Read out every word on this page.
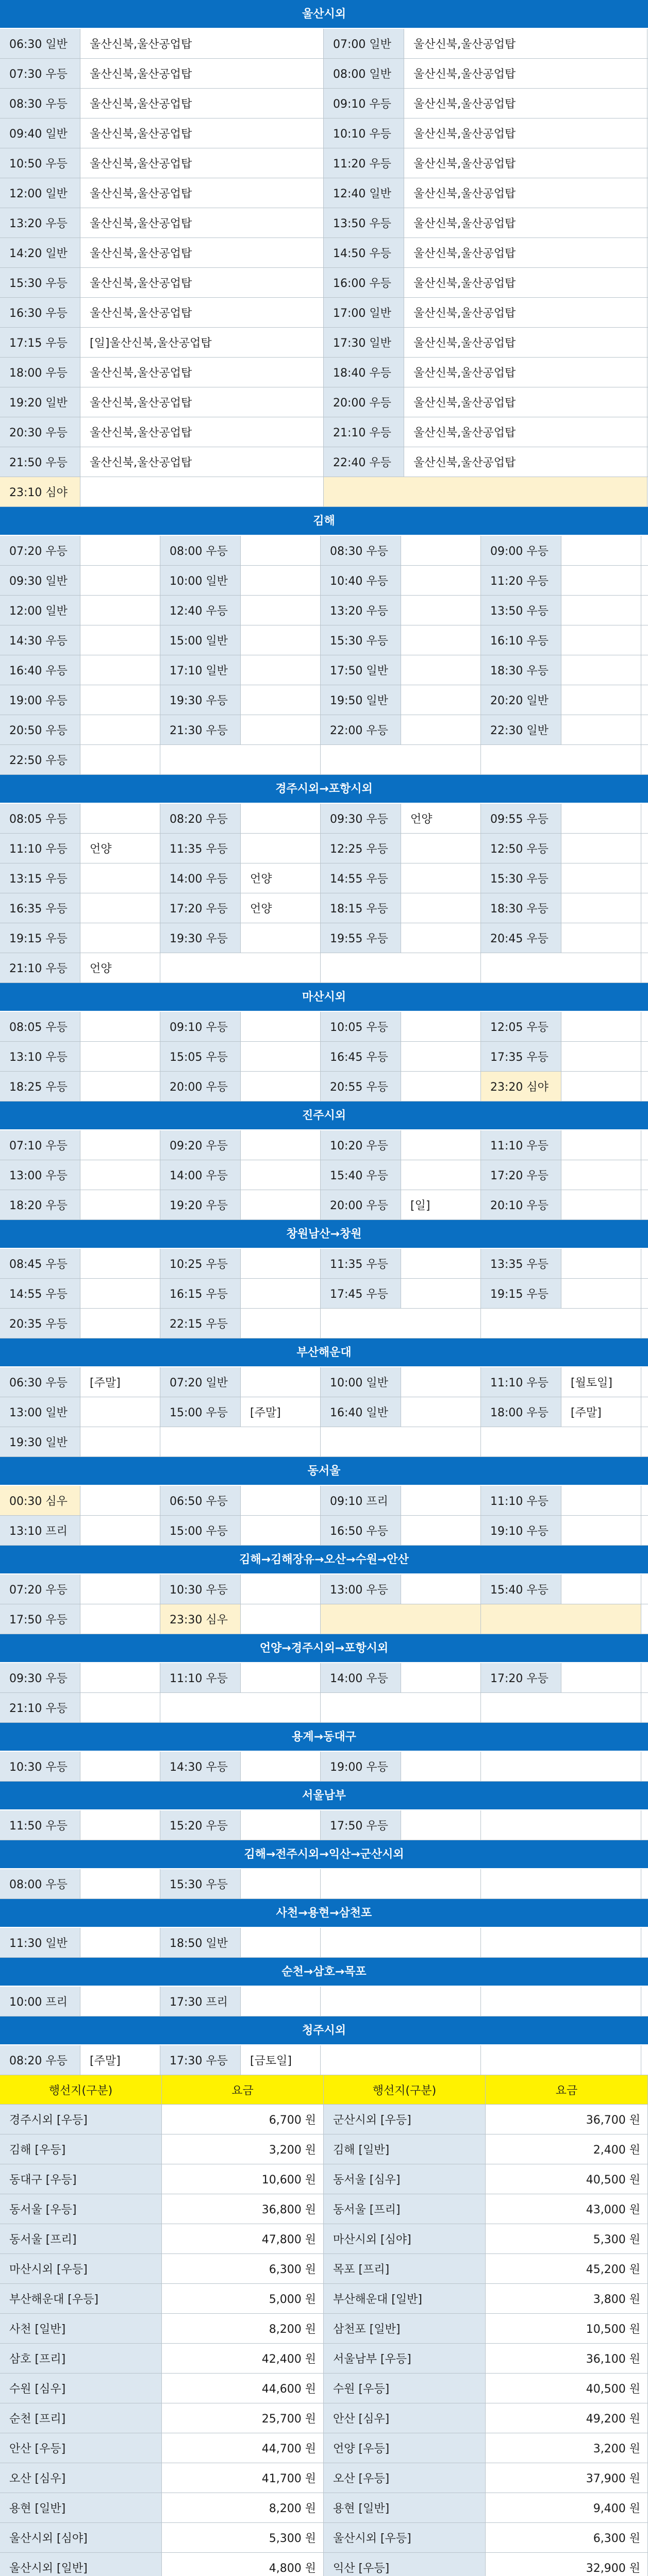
울산시외
06:30 일반	울산신북,울산공업탑	07:00 일반	울산신북,울산공업탑
07:30 우등	울산신북,울산공업탑	08:00 일반	울산신북,울산공업탑
08:30 우등	울산신북,울산공업탑	09:10 우등	울산신북,울산공업탑
09:40 일반	울산신북,울산공업탑	10:10 우등	울산신북,울산공업탑
10:50 우등	울산신북,울산공업탑	11:20 우등	울산신북,울산공업탑
12:00 일반	울산신북,울산공업탑	12:40 일반	울산신북,울산공업탑
13:20 우등	울산신북,울산공업탑	13:50 우등	울산신북,울산공업탑
14:20 일반	울산신북,울산공업탑	14:50 우등	울산신북,울산공업탑
15:30 우등	울산신북,울산공업탑	16:00 우등	울산신북,울산공업탑
16:30 우등	울산신북,울산공업탑	17:00 일반	울산신북,울산공업탑
17:15 우등	[일]울산신북,울산공업탑	17:30 일반	울산신북,울산공업탑
18:00 우등	울산신북,울산공업탑	18:40 우등	울산신북,울산공업탑
19:20 일반	울산신북,울산공업탑	20:00 우등	울산신북,울산공업탑
20:30 우등	울산신북,울산공업탑	21:10 우등	울산신북,울산공업탑
21:50 우등	울산신북,울산공업탑	22:40 우등	울산신북,울산공업탑
23:10 심야
김해
07:20 우등	08:00 우등	08:30 우등	09:00 우등
09:30 일반	10:00 일반	10:40 우등	11:20 우등
12:00 일반	12:40 우등	13:20 우등	13:50 우등
14:30 우등	15:00 일반	15:30 우등	16:10 우등
16:40 우등	17:10 일반	17:50 일반	18:30 우등
19:00 우등	19:30 우등	19:50 일반	20:20 일반
20:50 우등	21:30 우등	22:00 우등	22:30 일반
22:50 우등
경주시외→포항시외
08:05 우등	08:20 우등	09:30 우등	언양	09:55 우등
11:10 우등	언양	11:35 우등	12:25 우등	12:50 우등
13:15 우등	14:00 우등	언양	14:55 우등	15:30 우등
16:35 우등	17:20 우등	언양	18:15 우등	18:30 우등
19:15 우등	19:30 우등	19:55 우등	20:45 우등
21:10 우등	언양
마산시외
08:05 우등	09:10 우등	10:05 우등	12:05 우등
13:10 우등	15:05 우등	16:45 우등	17:35 우등
18:25 우등	20:00 우등	20:55 우등	23:20 심야
진주시외
07:10 우등	09:20 우등	10:20 우등	11:10 우등
13:00 우등	14:00 우등	15:40 우등	17:20 우등
18:20 우등	19:20 우등	20:00 우등	[일]	20:10 우등
창원남산→창원
08:45 우등	10:25 우등	11:35 우등	13:35 우등
14:55 우등	16:15 우등	17:45 우등	19:15 우등
20:35 우등	22:15 우등
부산해운대
06:30 우등	[주말]	07:20 일반	10:00 일반	11:10 우등	[월토일]
13:00 일반	15:00 우등	[주말]	16:40 일반	18:00 우등	[주말]
19:30 일반
동서울
00:30 심우	06:50 우등	09:10 프리	11:10 우등
13:10 프리	15:00 우등	16:50 우등	19:10 우등
김해→김해장유→오산→수원→안산
07:20 우등	10:30 우등	13:00 우등	15:40 우등
17:50 우등	23:30 심우
언양→경주시외→포항시외
09:30 우등	11:10 우등	14:00 우등	17:20 우등
21:10 우등
용계→동대구
10:30 우등	14:30 우등	19:00 우등
서울남부
11:50 우등	15:20 우등	17:50 우등
김해→전주시외→익산→군산시외
08:00 우등	15:30 우등
사천→용현→삼천포
11:30 일반	18:50 일반
순천→삼호→목포
10:00 프리	17:30 프리
청주시외
08:20 우등	[주말]	17:30 우등	[금토일]
행선지(구분)	요금	행선지(구분)	요금
경주시외 [우등]	6,700 원	군산시외 [우등]	36,700 원
김해 [우등]	3,200 원	김해 [일반]	2,400 원
동대구 [우등]	10,600 원	동서울 [심우]	40,500 원
동서울 [우등]	36,800 원	동서울 [프리]	43,000 원
동서울 [프리]	47,800 원	마산시외 [심야]	5,300 원
마산시외 [우등]	6,300 원	목포 [프리]	45,200 원
부산해운대 [우등]	5,000 원	부산해운대 [일반]	3,800 원
사천 [일반]	8,200 원	삼천포 [일반]	10,500 원
삼호 [프리]	42,400 원	서울남부 [우등]	36,100 원
수원 [심우]	44,600 원	수원 [우등]	40,500 원
순천 [프리]	25,700 원	안산 [심우]	49,200 원
안산 [우등]	44,700 원	언양 [우등]	3,200 원
오산 [심우]	41,700 원	오산 [우등]	37,900 원
용현 [일반]	8,200 원	용현 [일반]	9,400 원
울산시외 [심야]	5,300 원	울산시외 [우등]	6,300 원
울산시외 [일반]	4,800 원	익산 [우등]	32,900 원
